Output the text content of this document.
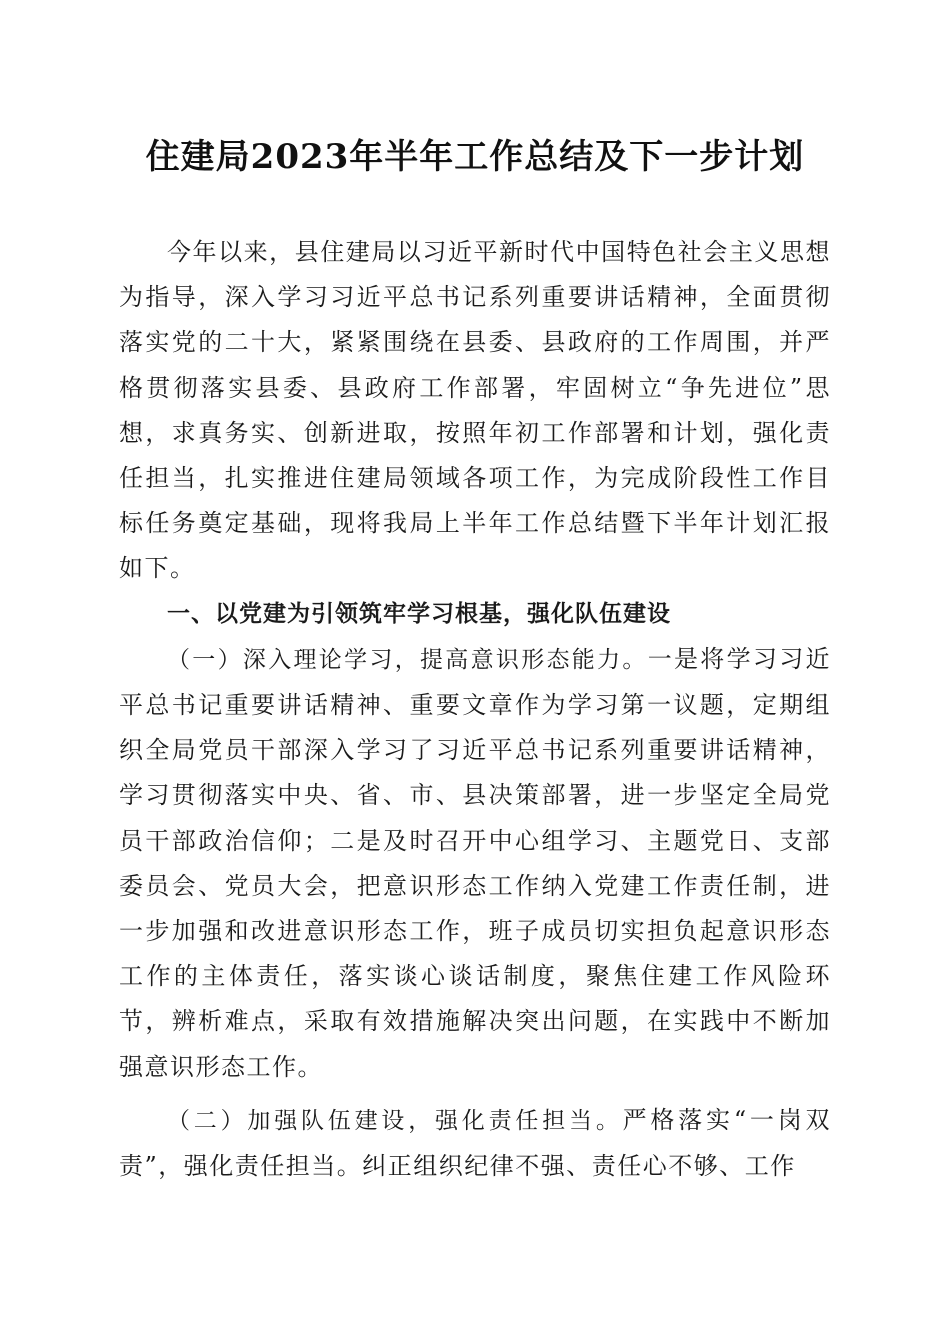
住建局2023年半年工作总结及下一步计划

今年以来，县住建局以习近平新时代中国特色社会主义思想为指导，深入学习习近平总书记系列重要讲话精神，全面贯彻落实党的二十大，紧紧围绕在县委、县政府的工作周围，并严格贯彻落实县委、县政府工作部署，牢固树立“争先进位”思想，求真务实、创新进取，按照年初工作部署和计划，强化责任担当，扎实推进住建局领域各项工作，为完成阶段性工作目标任务奠定基础，现将我局上半年工作总结暨下半年计划汇报如下。

一、以党建为引领筑牢学习根基，强化队伍建设

（一）深入理论学习，提高意识形态能力。一是将学习习近平总书记重要讲话精神、重要文章作为学习第一议题，定期组织全局党员干部深入学习了习近平总书记系列重要讲话精神，学习贯彻落实中央、省、市、县决策部署，进一步坚定全局党员干部政治信仰；二是及时召开中心组学习、主题党日、支部委员会、党员大会，把意识形态工作纳入党建工作责任制，进一步加强和改进意识形态工作，班子成员切实担负起意识形态工作的主体责任，落实谈心谈话制度，聚焦住建工作风险环节，辨析难点，采取有效措施解决突出问题，在实践中不断加强意识形态工作。

（二）加强队伍建设，强化责任担当。严格落实“一岗双责”，强化责任担当。纠正组织纪律不强、责任心不够、工作
